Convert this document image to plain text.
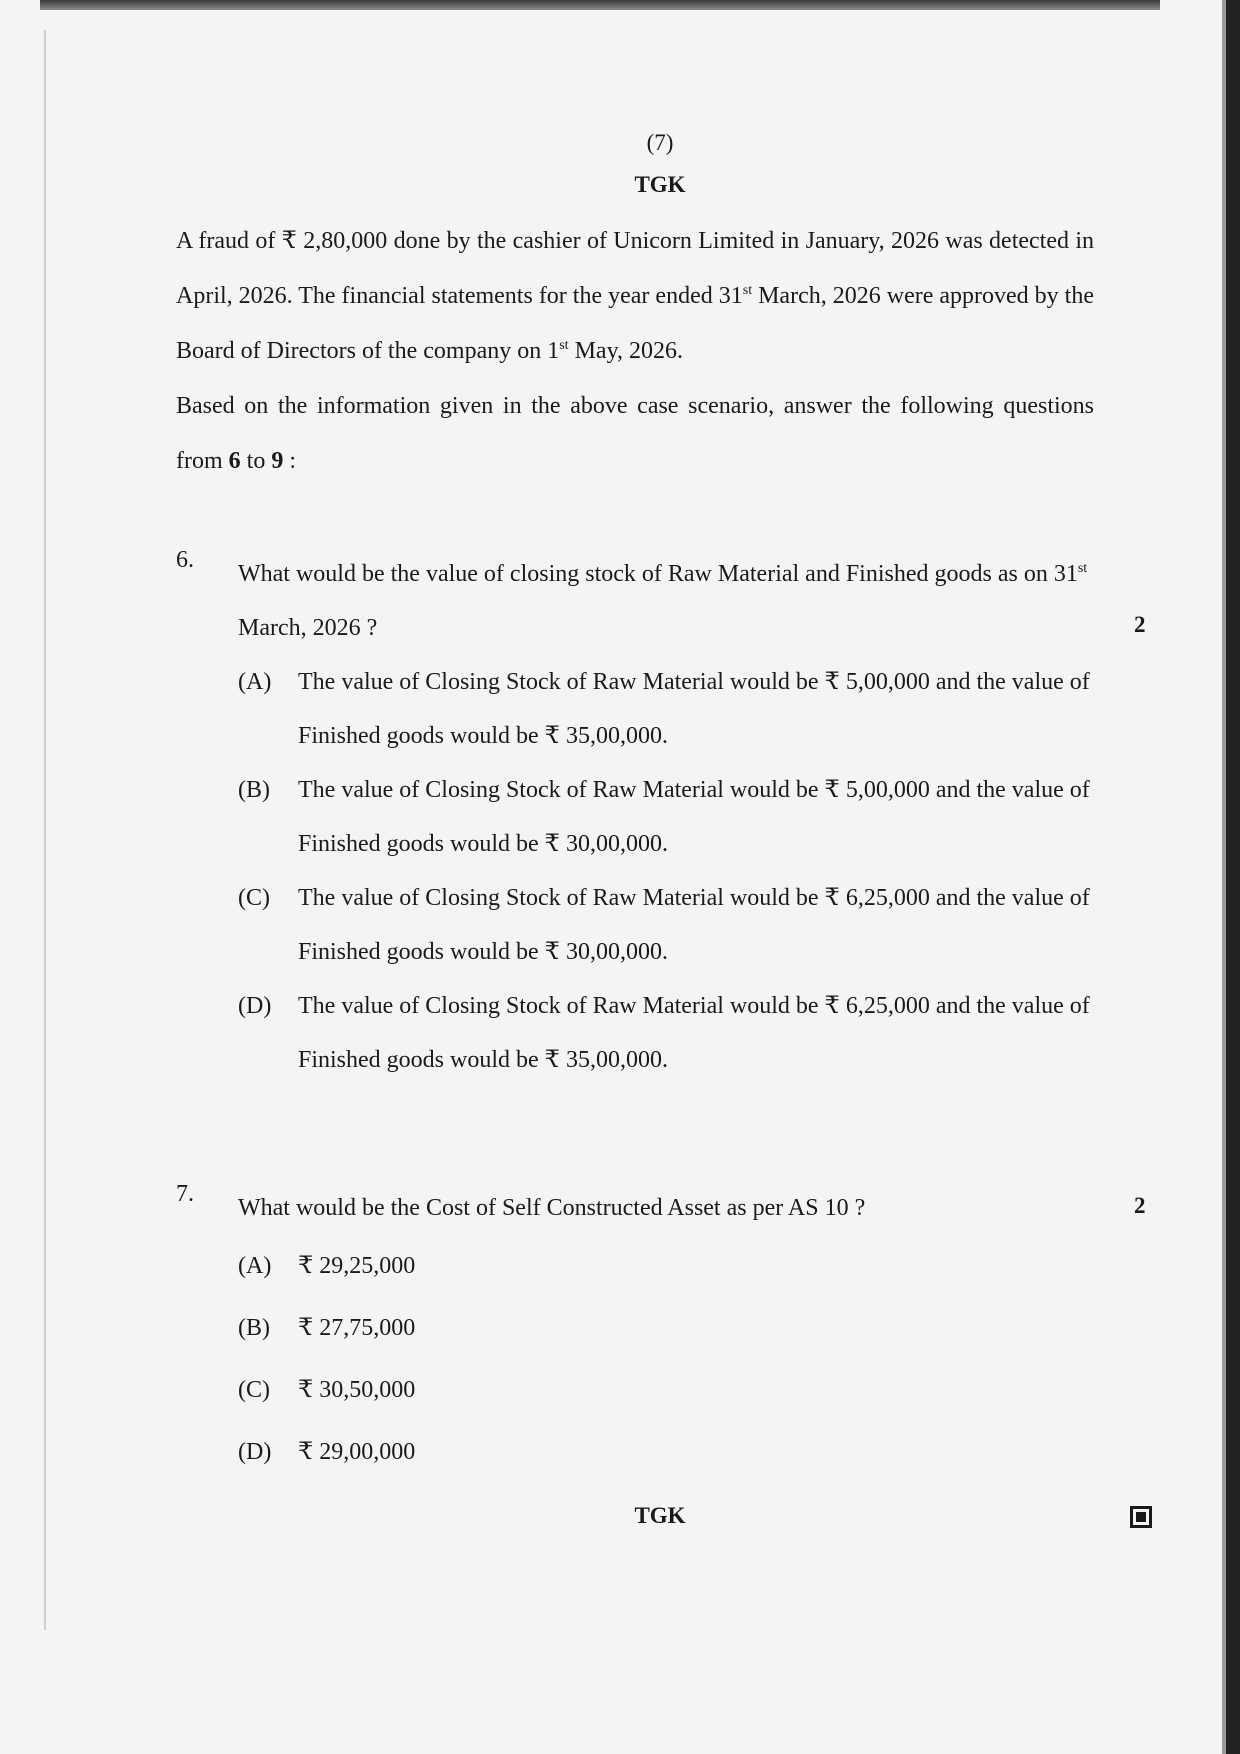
(7)
TGK

A fraud of ₹ 2,80,000 done by the cashier of Unicorn Limited in January, 2026 was detected in April, 2026. The financial statements for the year ended 31st March, 2026 were approved by the Board of Directors of the company on 1st May, 2026.

Based on the information given in the above case scenario, answer the following questions from 6 to 9 :

6.
What would be the value of closing stock of Raw Material and Finished goods as on 31st March, 2026 ?
(A)	The value of Closing Stock of Raw Material would be ₹ 5,00,000 and the value of Finished goods would be ₹ 35,00,000.
(B)	The value of Closing Stock of Raw Material would be ₹ 5,00,000 and the value of Finished goods would be ₹ 30,00,000.
(C)	The value of Closing Stock of Raw Material would be ₹ 6,25,000 and the value of Finished goods would be ₹ 30,00,000.
(D)	The value of Closing Stock of Raw Material would be ₹ 6,25,000 and the value of Finished goods would be ₹ 35,00,000.
2
7.
What would be the Cost of Self Constructed Asset as per AS 10 ?
(A)	₹ 29,25,000
(B)	₹ 27,75,000
(C)	₹ 30,50,000
(D)	₹ 29,00,000
2
TGK
